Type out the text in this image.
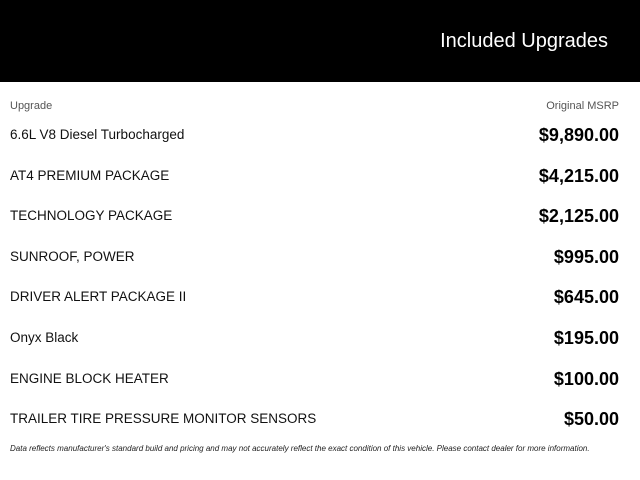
Included Upgrades
Upgrade	Original MSRP
6.6L V8 Diesel Turbocharged	$9,890.00
AT4 PREMIUM PACKAGE	$4,215.00
TECHNOLOGY PACKAGE	$2,125.00
SUNROOF, POWER	$995.00
DRIVER ALERT PACKAGE II	$645.00
Onyx Black	$195.00
ENGINE BLOCK HEATER	$100.00
TRAILER TIRE PRESSURE MONITOR SENSORS	$50.00
Data reflects manufacturer's standard build and pricing and may not accurately reflect the exact condition of this vehicle. Please contact dealer for more information.
